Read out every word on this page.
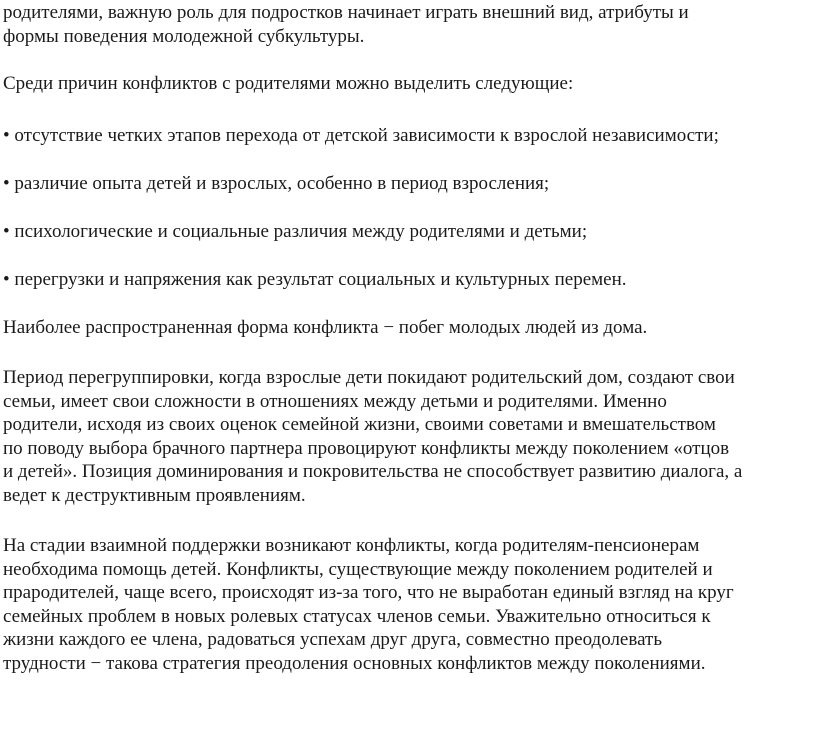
родителями, важную роль для подростков начинает играть внешний вид, атрибуты и
формы поведения молодежной субкультуры.
Среди причин конфликтов с родителями можно выделить следующие:
• отсутствие четких этапов перехода от детской зависимости к взрослой независимости;
• различие опыта детей и взрослых, особенно в период взросления;
• психологические и социальные различия между родителями и детьми;
• перегрузки и напряжения как результат социальных и культурных перемен.
Наиболее распространенная форма конфликта − побег молодых людей из дома.
Период перегруппировки, когда взрослые дети покидают родительский дом, создают свои
семьи, имеет свои сложности в отношениях между детьми и родителями. Именно
родители, исходя из своих оценок семейной жизни, своими советами и вмешательством
по поводу выбора брачного партнера провоцируют конфликты между поколением «отцов
и детей». Позиция доминирования и покровительства не способствует развитию диалога, а
ведет к деструктивным проявлениям.
На стадии взаимной поддержки возникают конфликты, когда родителям-пенсионерам
необходима помощь детей. Конфликты, существующие между поколением родителей и
прародителей, чаще всего, происходят из-за того, что не выработан единый взгляд на круг
семейных проблем в новых ролевых статусах членов семьи. Уважительно относиться к
жизни каждого ее члена, радоваться успехам друг друга, совместно преодолевать
трудности − такова стратегия преодоления основных конфликтов между поколениями.
